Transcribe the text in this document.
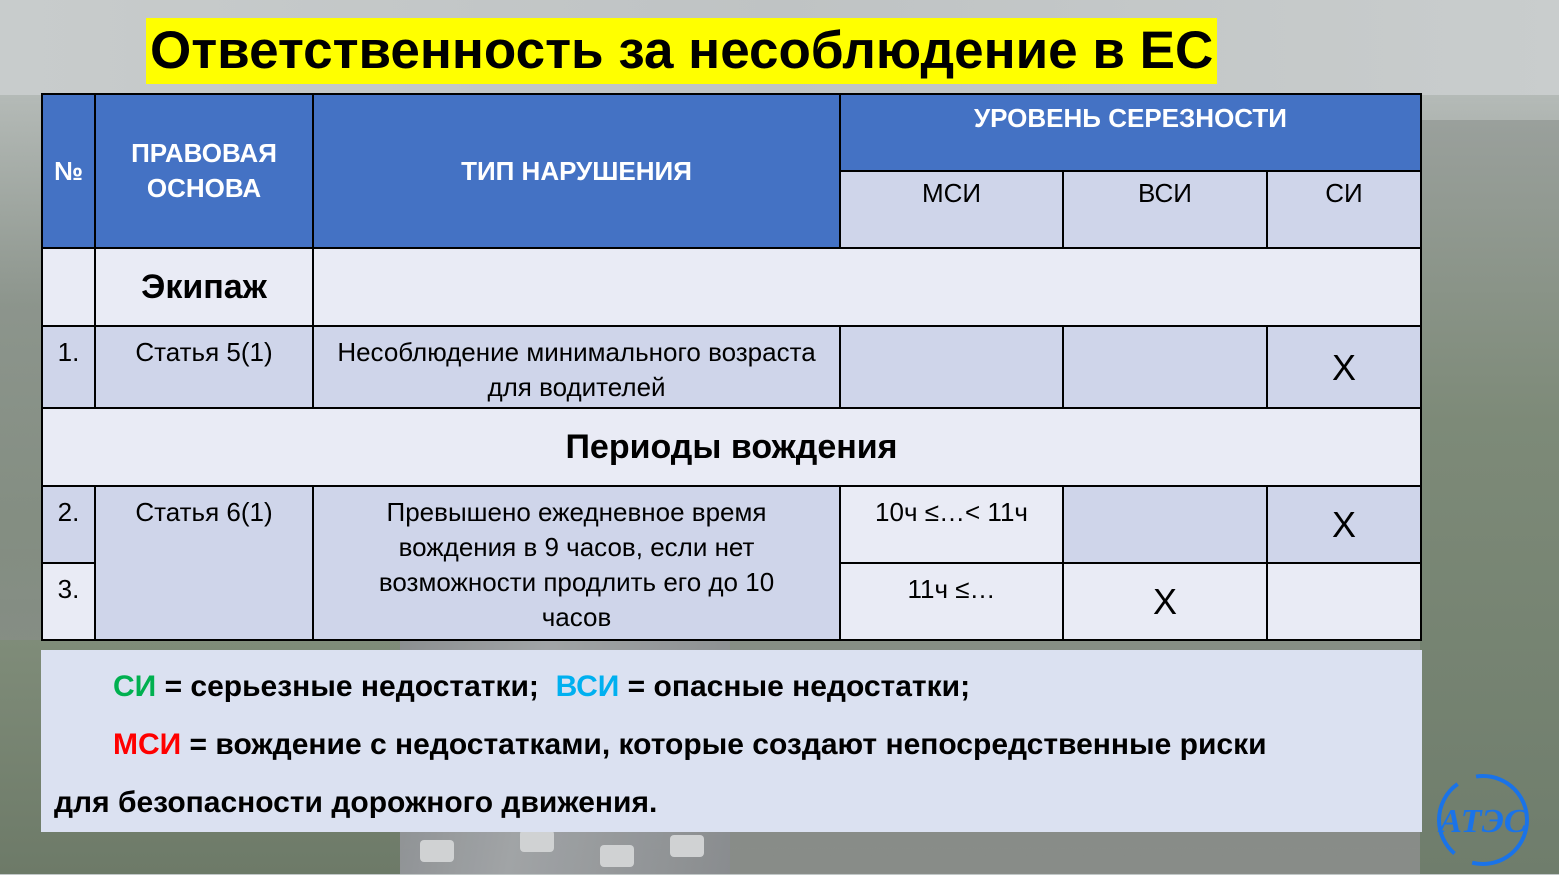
Ответственность за несоблюдение в ЕС
№	ПРАВОВАЯ ОСНОВА	ТИП НАРУШЕНИЯ	УРОВЕНЬ СЕРЕЗНОСТИ		
			МСИ	ВСИ	СИ
	Экипаж				
1.	Статья 5(1)	Несоблюдение минимального возраста для водителей			X
Периоды вождения					
2.	Статья 6(1)	Превышено ежедневное время вождения в 9 часов, если нет возможности продлить его до 10 часов	10ч ≤…< 11ч		X
3.			11ч ≤…	X	
СИ = серьезные недостатки; ВСИ = опасные недостатки;
МСИ = вождение с недостатками, которые создают непосредственные риски
для безопасности дорожного движения.
АТЭС
